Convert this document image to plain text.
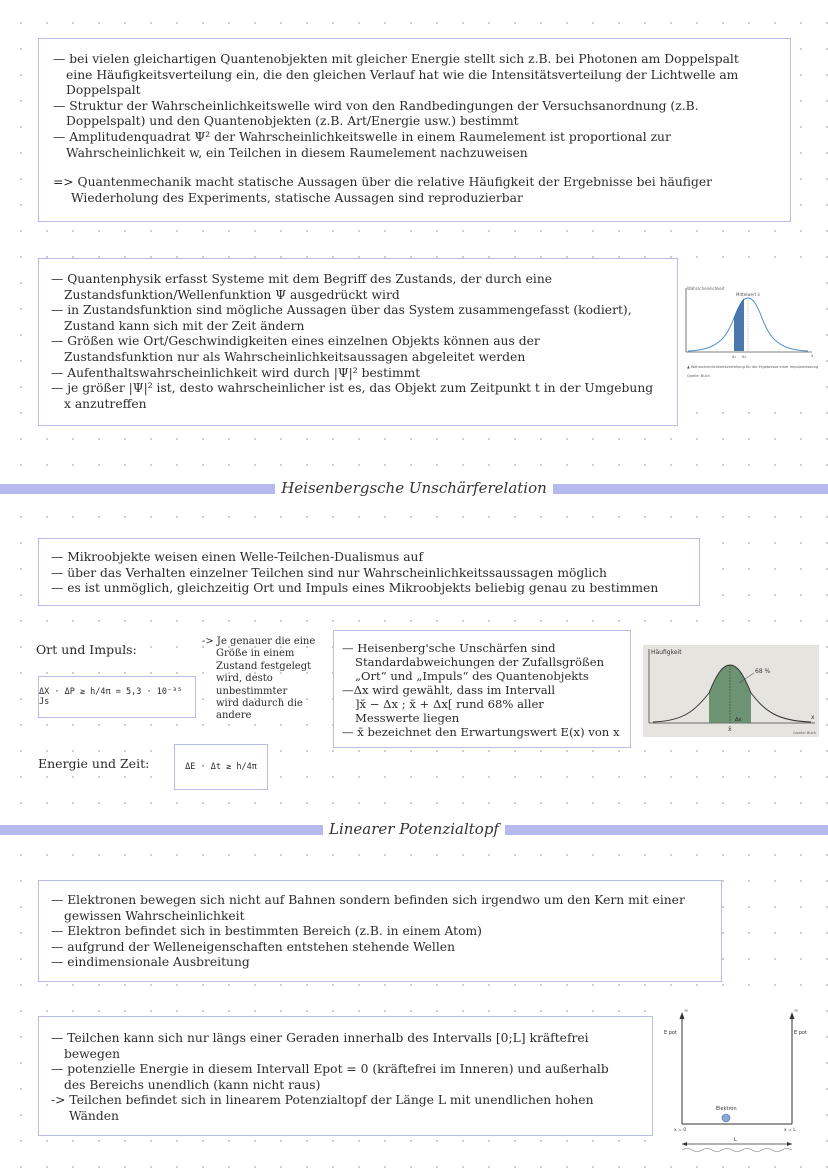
— bei vielen gleichartigen Quantenobjekten mit gleicher Energie stellt sich z.B. bei Photonen am Doppelspalt

eine Häufigkeitsverteilung ein, die den gleichen Verlauf hat wie die Intensitätsverteilung der Lichtwelle am

Doppelspalt

— Struktur der Wahrscheinlichkeitswelle wird von den Randbedingungen der Versuchsanordnung (z.B.

Doppelspalt) und den Quantenobjekten (z.B. Art/Energie usw.) bestimmt

— Amplitudenquadrat Ψ² der Wahrscheinlichkeitswelle in einem Raumelement ist proportional zur

Wahrscheinlichkeit w, ein Teilchen in diesem Raumelement nachzuweisen

=> Quantenmechanik macht statische Aussagen über die relative Häufigkeit der Ergebnisse bei häufiger

Wiederholung des Experiments, statische Aussagen sind reproduzierbar

— Quantenphysik erfasst Systeme mit dem Begriff des Zustands, der durch eine

Zustandsfunktion/Wellenfunktion Ψ ausgedrückt wird

— in Zustandsfunktion sind mögliche Aussagen über das System zusammengefasst (kodiert),

Zustand kann sich mit der Zeit ändern

— Größen wie Ort/Geschwindigkeiten eines einzelnen Objekts können aus der

Zustandsfunktion nur als Wahrscheinlichkeitsaussagen abgeleitet werden

— Aufenthaltswahrscheinlichkeit wird durch |Ψ|² bestimmt

— je größer |Ψ|² ist, desto wahrscheinlicher ist es, das Objekt zum Zeitpunkt t in der Umgebung

x anzutreffen

Wahrscheinlichkeit
Mittelwert x̄
x₁ x₂	x
▲ Wahrscheinlichkeitsverteilung für die Ergebnisse einer Impulsmessung
Quelle: Buch
Heisenbergsche Unschärferelation

— Mikroobjekte weisen einen Welle-Teilchen-Dualismus auf

— über das Verhalten einzelner Teilchen sind nur Wahrscheinlichkeitssaussagen möglich

— es ist unmöglich, gleichzeitig Ort und Impuls eines Mikroobjekts beliebig genau zu bestimmen

Ort und Impuls:
ΔX · ΔP ≥ h/4π = 5,3 · 10⁻³⁵ Js
-> Je genauer die eine
Größe in einem
Zustand festgelegt
wird, desto
unbestimmter
wird dadurch die
andere
Energie und Zeit:	ΔE · Δt ≥ h/4π

— Heisenberg'sche Unschärfen sind

Standardabweichungen der Zufallsgrößen

„Ort“ und „Impuls“ des Quantenobjekts

—Δx wird gewählt, dass im Intervall

]x̄ − Δx ; x̄ + Δx[ rund 68% aller

Messwerte liegen

— x̄ bezeichnet den Erwartungswert E(x) von x

Häufigkeit
68 %
Δx
x̄
x
Quelle: Buch
Linearer Potenzialtopf

— Elektronen bewegen sich nicht auf Bahnen sondern befinden sich irgendwo um den Kern mit einer

gewissen Wahrscheinlichkeit

— Elektron befindet sich in bestimmten Bereich (z.B. in einem Atom)

— aufgrund der Welleneigenschaften entstehen stehende Wellen

— eindimensionale Ausbreitung

— Teilchen kann sich nur längs einer Geraden innerhalb des Intervalls [0;L] kräftefrei

bewegen

— potenzielle Energie in diesem Intervall Epot = 0 (kräftefrei im Inneren) und außerhalb

des Bereichs unendlich (kann nicht raus)

-> Teilchen befindet sich in linearem Potenzialtopf der Länge L mit unendlichen hohen

Wänden

∞	∞
E pot	E pot
Elektron
x = 0	x = L
L
